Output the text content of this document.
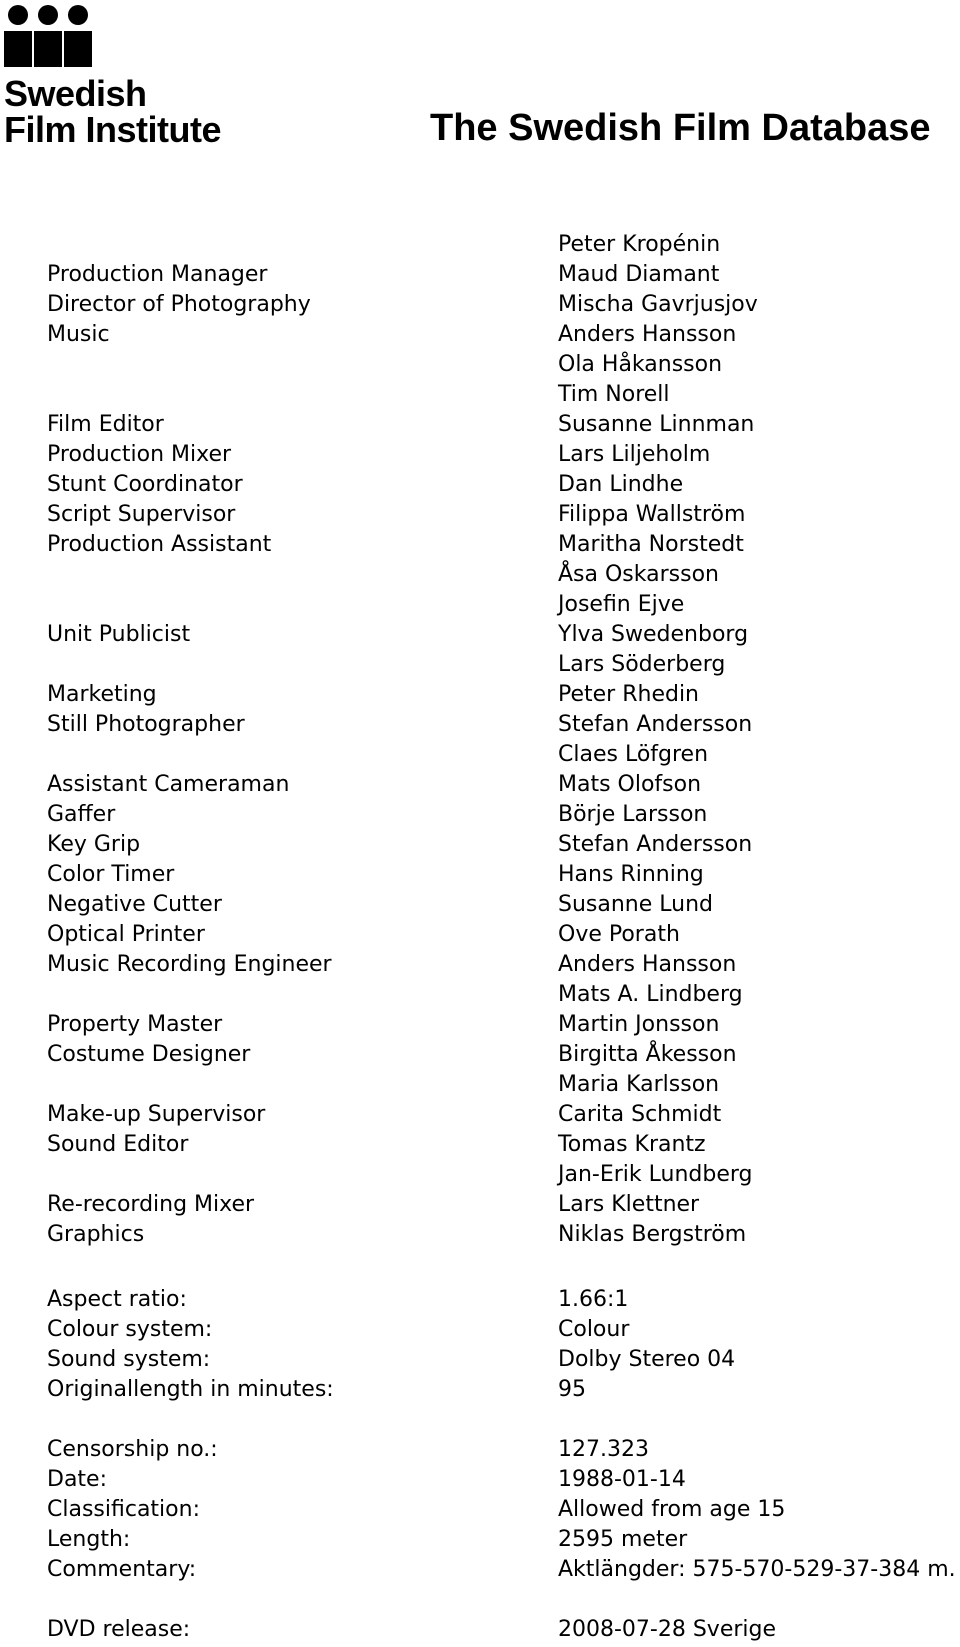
Swedish
Film Institute	The Swedish Film Database
Peter Kropénin
Production Manager	Maud Diamant
Director of Photography	Mischa Gavrjusjov
Music	Anders Hansson
Ola Håkansson
Tim Norell
Film Editor	Susanne Linnman
Production Mixer	Lars Liljeholm
Stunt Coordinator	Dan Lindhe
Script Supervisor	Filippa Wallström
Production Assistant	Maritha Norstedt
Åsa Oskarsson
Josefin Ejve
Unit Publicist	Ylva Swedenborg
Lars Söderberg
Marketing	Peter Rhedin
Still Photographer	Stefan Andersson
Claes Löfgren
Assistant Cameraman	Mats Olofson
Gaffer	Börje Larsson
Key Grip	Stefan Andersson
Color Timer	Hans Rinning
Negative Cutter	Susanne Lund
Optical Printer	Ove Porath
Music Recording Engineer	Anders Hansson
Mats A. Lindberg
Property Master	Martin Jonsson
Costume Designer	Birgitta Åkesson
Maria Karlsson
Make-up Supervisor	Carita Schmidt
Sound Editor	Tomas Krantz
Jan-Erik Lundberg
Re-recording Mixer	Lars Klettner
Graphics	Niklas Bergström
Aspect ratio:	1.66:1
Colour system:	Colour
Sound system:	Dolby Stereo 04
Originallength in minutes:	95
Censorship no.:	127.323
Date:	1988-01-14
Classification:	Allowed from age 15
Length:	2595 meter
Commentary:	Aktlängder: 575-570-529-37-384 m.
DVD release:	2008-07-28 Sverige
